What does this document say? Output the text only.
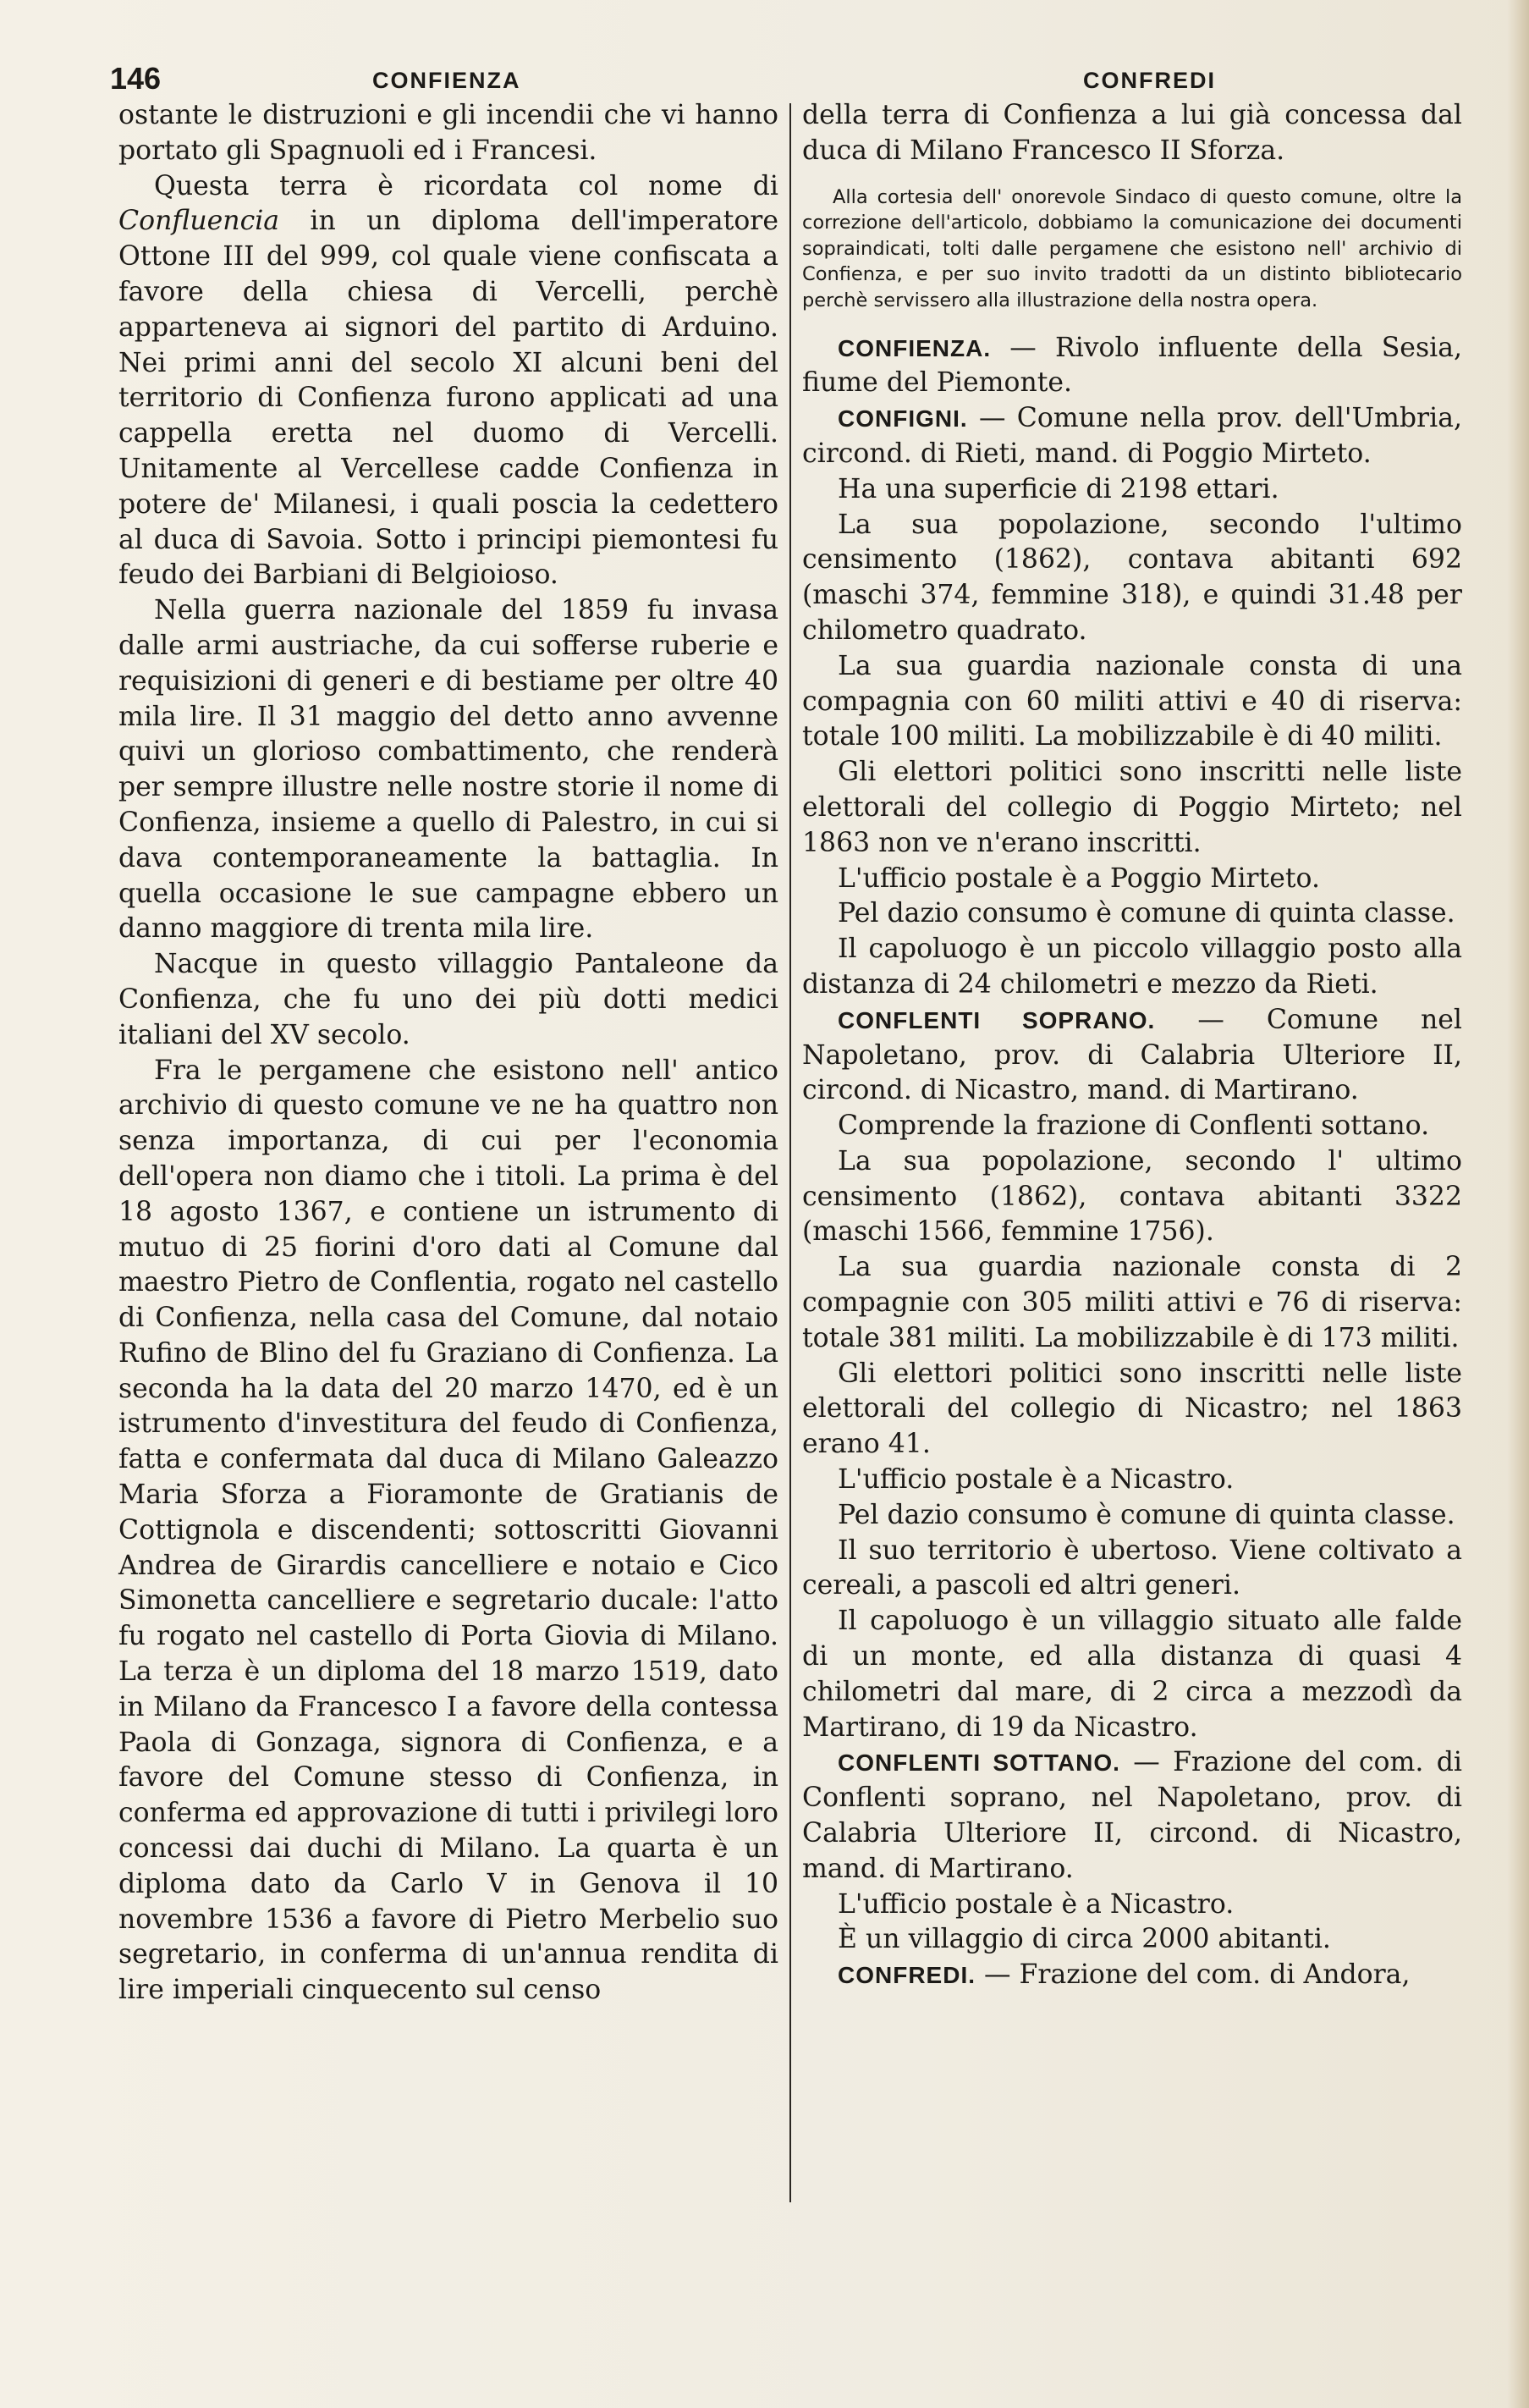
146	CONFIENZA	CONFREDI

ostante le distruzioni e gli incendii che vi hanno portato gli Spagnuoli ed i Francesi.

Questa terra è ricordata col nome di Confluencia in un diploma dell'imperatore Ottone III del 999, col quale viene confiscata a favore della chiesa di Vercelli, perchè apparteneva ai signori del partito di Arduino. Nei primi anni del secolo XI alcuni beni del territorio di Confienza furono applicati ad una cappella eretta nel duomo di Vercelli. Unitamente al Vercellese cadde Confienza in potere de' Milanesi, i quali poscia la cedettero al duca di Savoia. Sotto i principi piemontesi fu feudo dei Barbiani di Belgioioso.

Nella guerra nazionale del 1859 fu invasa dalle armi austriache, da cui sofferse ruberie e requisizioni di generi e di bestiame per oltre 40 mila lire. Il 31 maggio del detto anno avvenne quivi un glorioso combattimento, che renderà per sempre illustre nelle nostre storie il nome di Confienza, insieme a quello di Palestro, in cui si dava contemporaneamente la battaglia. In quella occasione le sue campagne ebbero un danno maggiore di trenta mila lire.

Nacque in questo villaggio Pantaleone da Confienza, che fu uno dei più dotti medici italiani del XV secolo.

Fra le pergamene che esistono nell' antico archivio di questo comune ve ne ha quattro non senza importanza, di cui per l'economia dell'opera non diamo che i titoli. La prima è del 18 agosto 1367, e contiene un istrumento di mutuo di 25 fiorini d'oro dati al Comune dal maestro Pietro de Conflentia, rogato nel castello di Confienza, nella casa del Comune, dal notaio Rufino de Blino del fu Graziano di Confienza. La seconda ha la data del 20 marzo 1470, ed è un istrumento d'investitura del feudo di Confienza, fatta e confermata dal duca di Milano Galeazzo Maria Sforza a Fioramonte de Gratianis de Cottignola e discendenti; sottoscritti Giovanni Andrea de Girardis cancelliere e notaio e Cico Simonetta cancelliere e segretario ducale: l'atto fu rogato nel castello di Porta Giovia di Milano. La terza è un diploma del 18 marzo 1519, dato in Milano da Francesco I a favore della contessa Paola di Gonzaga, signora di Confienza, e a favore del Comune stesso di Confienza, in conferma ed approvazione di tutti i privilegi loro concessi dai duchi di Milano. La quarta è un diploma dato da Carlo V in Genova il 10 novembre 1536 a favore di Pietro Merbelio suo segretario, in conferma di un'annua rendita di lire imperiali cinquecento sul censo

della terra di Confienza a lui già concessa dal duca di Milano Francesco II Sforza.

Alla cortesia dell' onorevole Sindaco di questo comune, oltre la correzione dell'articolo, dobbiamo la comunicazione dei documenti sopraindicati, tolti dalle pergamene che esistono nell' archivio di Confienza, e per suo invito tradotti da un distinto bibliotecario perchè servissero alla illustrazione della nostra opera.

CONFIENZA. — Rivolo influente della Sesia, fiume del Piemonte.

CONFIGNI. — Comune nella prov. dell'Umbria, circond. di Rieti, mand. di Poggio Mirteto.

Ha una superficie di 2198 ettari.

La sua popolazione, secondo l'ultimo censimento (1862), contava abitanti 692 (maschi 374, femmine 318), e quindi 31.48 per chilometro quadrato.

La sua guardia nazionale consta di una compagnia con 60 militi attivi e 40 di riserva: totale 100 militi. La mobilizzabile è di 40 militi.

Gli elettori politici sono inscritti nelle liste elettorali del collegio di Poggio Mirteto; nel 1863 non ve n'erano inscritti.

L'ufficio postale è a Poggio Mirteto.

Pel dazio consumo è comune di quinta classe.

Il capoluogo è un piccolo villaggio posto alla distanza di 24 chilometri e mezzo da Rieti.

CONFLENTI SOPRANO. — Comune nel Napoletano, prov. di Calabria Ulteriore II, circond. di Nicastro, mand. di Martirano.

Comprende la frazione di Conflenti sottano.

La sua popolazione, secondo l' ultimo censimento (1862), contava abitanti 3322 (maschi 1566, femmine 1756).

La sua guardia nazionale consta di 2 compagnie con 305 militi attivi e 76 di riserva: totale 381 militi. La mobilizzabile è di 173 militi.

Gli elettori politici sono inscritti nelle liste elettorali del collegio di Nicastro; nel 1863 erano 41.

L'ufficio postale è a Nicastro.

Pel dazio consumo è comune di quinta classe.

Il suo territorio è ubertoso. Viene coltivato a cereali, a pascoli ed altri generi.

Il capoluogo è un villaggio situato alle falde di un monte, ed alla distanza di quasi 4 chilometri dal mare, di 2 circa a mezzodì da Martirano, di 19 da Nicastro.

CONFLENTI SOTTANO. — Frazione del com. di Conflenti soprano, nel Napoletano, prov. di Calabria Ulteriore II, circond. di Nicastro, mand. di Martirano.

L'ufficio postale è a Nicastro.

È un villaggio di circa 2000 abitanti.

CONFREDI. — Frazione del com. di Andora,
